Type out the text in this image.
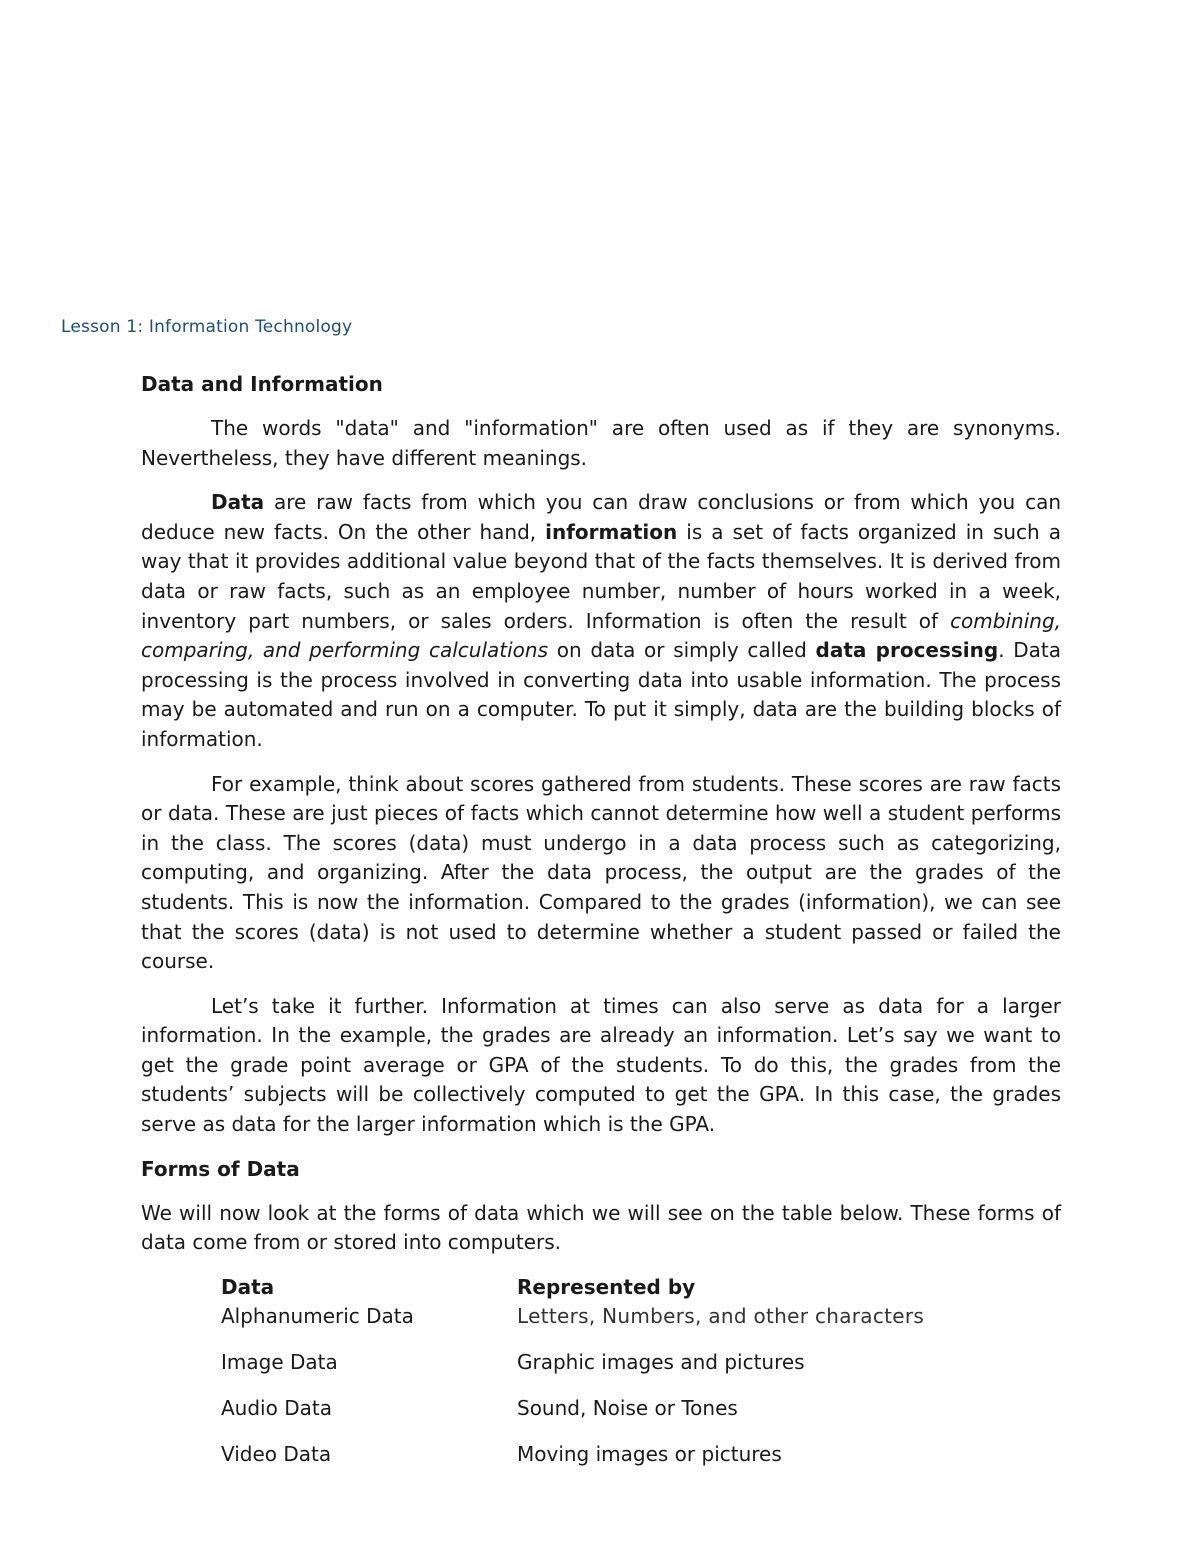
Lesson 1: Information Technology
Data and Information

The words "data" and "information" are often used as if they are synonyms. Nevertheless, they have different meanings.

Data are raw facts from which you can draw conclusions or from which you can deduce new facts. On the other hand, information is a set of facts organized in such a way that it provides additional value beyond that of the facts themselves. It is derived from data or raw facts, such as an employee number, number of hours worked in a week, inventory part numbers, or sales orders. Information is often the result of combining, comparing, and performing calculations on data or simply called data processing. Data processing is the process involved in converting data into usable information. The process may be automated and run on a computer. To put it simply, data are the building blocks of information.

For example, think about scores gathered from students. These scores are raw facts or data. These are just pieces of facts which cannot determine how well a student performs in the class. The scores (data) must undergo in a data process such as categorizing, computing, and organizing. After the data process, the output are the grades of the students. This is now the information. Compared to the grades (information), we can see that the scores (data) is not used to determine whether a student passed or failed the course.

Let’s take it further. Information at times can also serve as data for a larger information. In the example, the grades are already an information. Let’s say we want to get the grade point average or GPA of the students. To do this, the grades from the students’ subjects will be collectively computed to get the GPA. In this case, the grades serve as data for the larger information which is the GPA.

Forms of Data

We will now look at the forms of data which we will see on the table below. These forms of data come from or stored into computers.

Data	Represented by
Alphanumeric Data	Letters, Numbers, and other characters
Image Data	Graphic images and pictures
Audio Data	Sound, Noise or Tones
Video Data	Moving images or pictures
